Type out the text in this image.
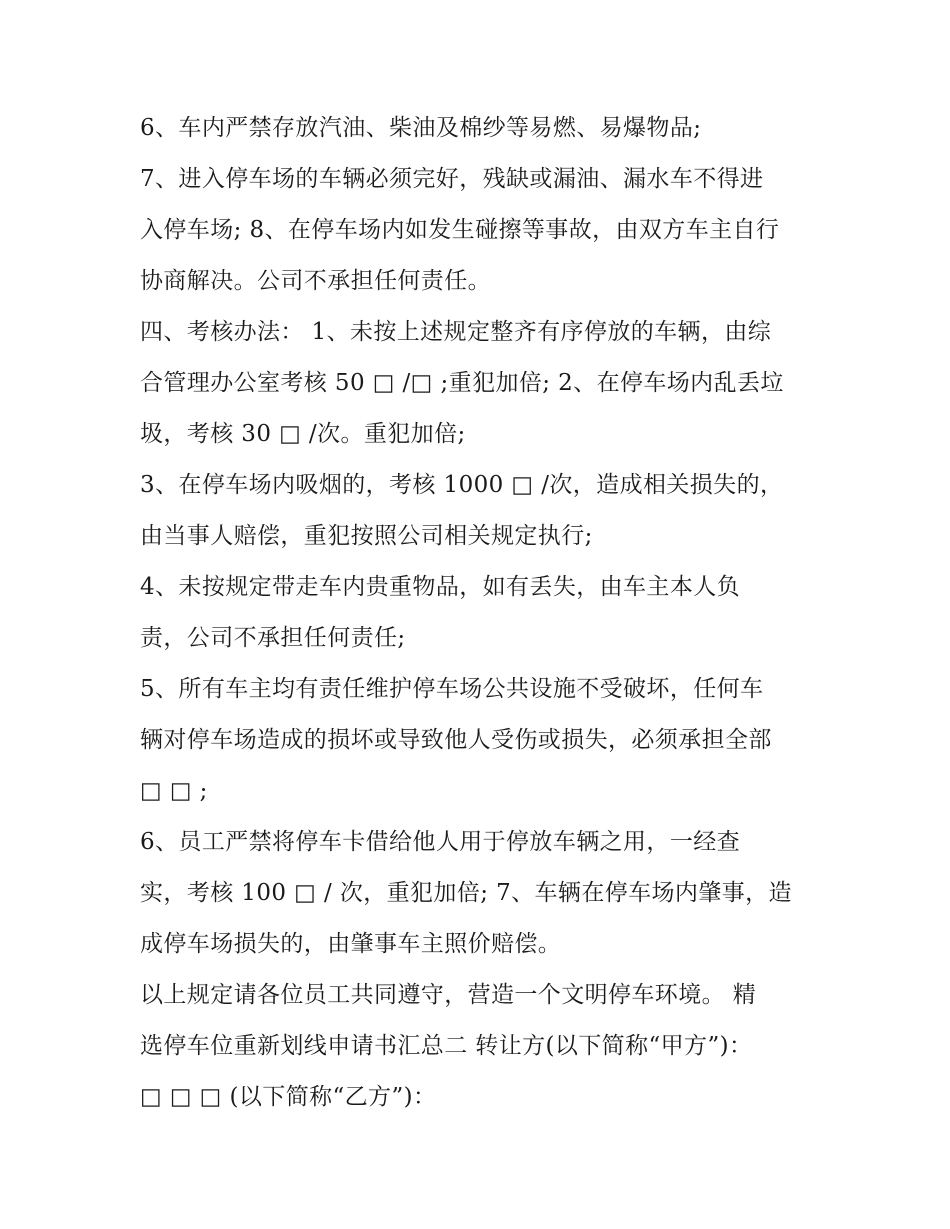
6、车内严禁存放汽油、柴油及棉纱等易燃、易爆物品;
7、进入停车场的车辆必须完好，残缺或漏油、漏水车不得进
入停车场; 8、在停车场内如发生碰擦等事故，由双方车主自行
协商解决。公司不承担任何责任。
四、考核办法： 1、未按上述规定整齐有序停放的车辆，由综
合管理办公室考核 50 □ /□ ;重犯加倍; 2、在停车场内乱丢垃
圾，考核 30 □ /次。重犯加倍;
3、在停车场内吸烟的，考核 1000 □ /次，造成相关损失的，
由当事人赔偿，重犯按照公司相关规定执行;
4、未按规定带走车内贵重物品，如有丢失，由车主本人负
责，公司不承担任何责任;
5、所有车主均有责任维护停车场公共设施不受破坏，任何车
辆对停车场造成的损坏或导致他人受伤或损失，必须承担全部
□ □ ;
6、员工严禁将停车卡借给他人用于停放车辆之用，一经查
实，考核 100 □ / 次，重犯加倍; 7、车辆在停车场内肇事，造
成停车场损失的，由肇事车主照价赔偿。
以上规定请各位员工共同遵守，营造一个文明停车环境。 精
选停车位重新划线申请书汇总二 转让方(以下简称“甲方”)：
□ □ □ (以下简称“乙方”)：
